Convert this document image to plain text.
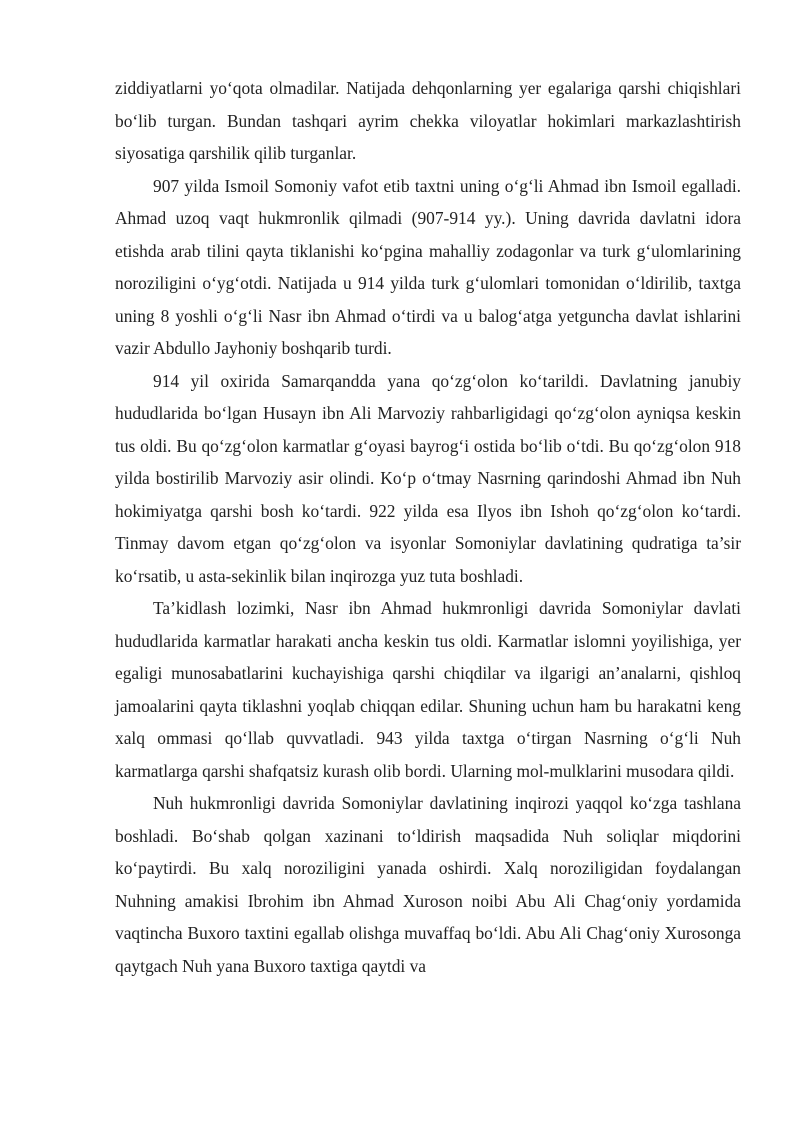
ziddiyatlarni yo‘qota olmadilar. Natijada dehqonlarning yer egalariga qarshi chiqishlari bo‘lib turgan. Bundan tashqari ayrim chekka viloyatlar hokimlari markazlashtirish siyosatiga qarshilik qilib turganlar.

907 yilda Ismoil Somoniy vafot etib taxtni uning o‘g‘li Ahmad ibn Ismoil egalladi. Ahmad uzoq vaqt hukmronlik qilmadi (907-914 yy.). Uning davrida davlatni idora etishda arab tilini qayta tiklanishi ko‘pgina mahalliy zodagonlar va turk g‘ulomlarining noroziligini o‘yg‘otdi. Natijada u 914 yilda turk g‘ulomlari tomonidan o‘ldirilib, taxtga uning 8 yoshli o‘g‘li Nasr ibn Ahmad o‘tirdi va u balog‘atga yetguncha davlat ishlarini vazir Abdullo Jayhoniy boshqarib turdi.

914 yil oxirida Samarqandda yana qo‘zg‘olon ko‘tarildi. Davlatning janubiy hududlarida bo‘lgan Husayn ibn Ali Marvoziy rahbarligidagi qo‘zg‘olon ayniqsa keskin tus oldi. Bu qo‘zg‘olon karmatlar g‘oyasi bayrog‘i ostida bo‘lib o‘tdi. Bu qo‘zg‘olon 918 yilda bostirilib Marvoziy asir olindi. Ko‘p o‘tmay Nasrning qarindoshi Ahmad ibn Nuh hokimiyatga qarshi bosh ko‘tardi. 922 yilda esa Ilyos ibn Ishoh qo‘zg‘olon ko‘tardi. Tinmay davom etgan qo‘zg‘olon va isyonlar Somoniylar davlatining qudratiga ta’sir ko‘rsatib, u asta-sekinlik bilan inqirozga yuz tuta boshladi.

Ta’kidlash lozimki, Nasr ibn Ahmad hukmronligi davrida Somoniylar davlati hududlarida karmatlar harakati ancha keskin tus oldi. Karmatlar islomni yoyilishiga, yer egaligi munosabatlarini kuchayishiga qarshi chiqdilar va ilgarigi an’analarni, qishloq jamoalarini qayta tiklashni yoqlab chiqqan edilar. Shuning uchun ham bu harakatni keng xalq ommasi qo‘llab quvvatladi. 943 yilda taxtga o‘tirgan Nasrning o‘g‘li Nuh karmatlarga qarshi shafqatsiz kurash olib bordi. Ularning mol-mulklarini musodara qildi.

Nuh hukmronligi davrida Somoniylar davlatining inqirozi yaqqol ko‘zga tashlana boshladi. Bo‘shab qolgan xazinani to‘ldirish maqsadida Nuh soliqlar miqdorini ko‘paytirdi. Bu xalq noroziligini yanada oshirdi. Xalq noroziligidan foydalangan Nuhning amakisi Ibrohim ibn Ahmad Xuroson noibi Abu Ali Chag‘oniy yordamida vaqtincha Buxoro taxtini egallab olishga muvaffaq bo‘ldi. Abu Ali Chag‘oniy Xurosonga qaytgach Nuh yana Buxoro taxtiga qaytdi va
